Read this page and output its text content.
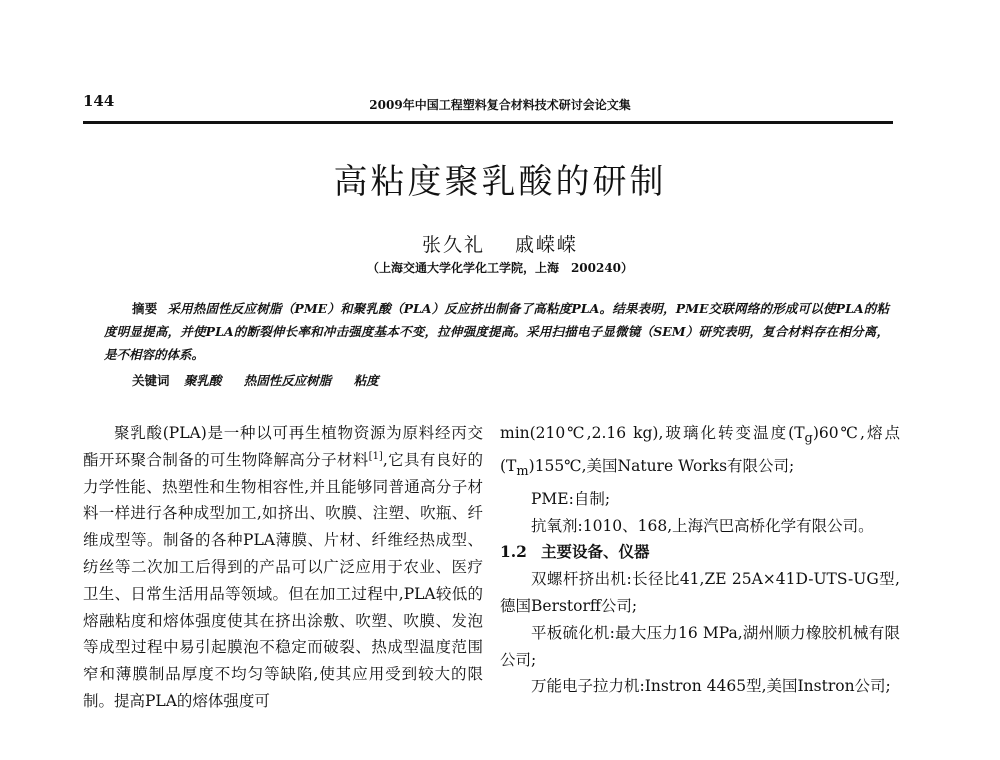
144	2009年中国工程塑料复合材料技术研讨会论文集
高粘度聚乳酸的研制
张久礼 戚嵘嵘
（上海交通大学化学化工学院，上海　200240）
摘要 采用热固性反应树脂（PME）和聚乳酸（PLA）反应挤出制备了高粘度PLA。结果表明，PME交联网络的形成可以使PLA的粘度明显提高，并使PLA的断裂伸长率和冲击强度基本不变，拉伸强度提高。采用扫描电子显微镜（SEM）研究表明，复合材料存在相分离，是不相容的体系。
关键词 聚乳酸 热固性反应树脂 粘度

聚乳酸(PLA)是一种以可再生植物资源为原料经丙交酯开环聚合制备的可生物降解高分子材料[1],它具有良好的力学性能、热塑性和生物相容性,并且能够同普通高分子材料一样进行各种成型加工,如挤出、吹膜、注塑、吹瓶、纤维成型等。制备的各种PLA薄膜、片材、纤维经热成型、纺丝等二次加工后得到的产品可以广泛应用于农业、医疗卫生、日常生活用品等领域。但在加工过程中,PLA较低的熔融粘度和熔体强度使其在挤出涂敷、吹塑、吹膜、发泡等成型过程中易引起膜泡不稳定而破裂、热成型温度范围窄和薄膜制品厚度不均匀等缺陷,使其应用受到较大的限制。提高PLA的熔体强度可

min(210℃,2.16 kg),玻璃化转变温度$(T_g)60℃$,熔点$(T_m)155℃$,美国Nature Works有限公司;

PME:自制;

抗氧剂:1010、168,上海汽巴高桥化学有限公司。

1.2 主要设备、仪器

双螺杆挤出机:长径比41,ZE 25A×41D-UTS-UG型,德国Berstorff公司;

平板硫化机:最大压力16 MPa,湖州顺力橡胶机械有限公司;

万能电子拉力机:Instron 4465型,美国Instron公司;
